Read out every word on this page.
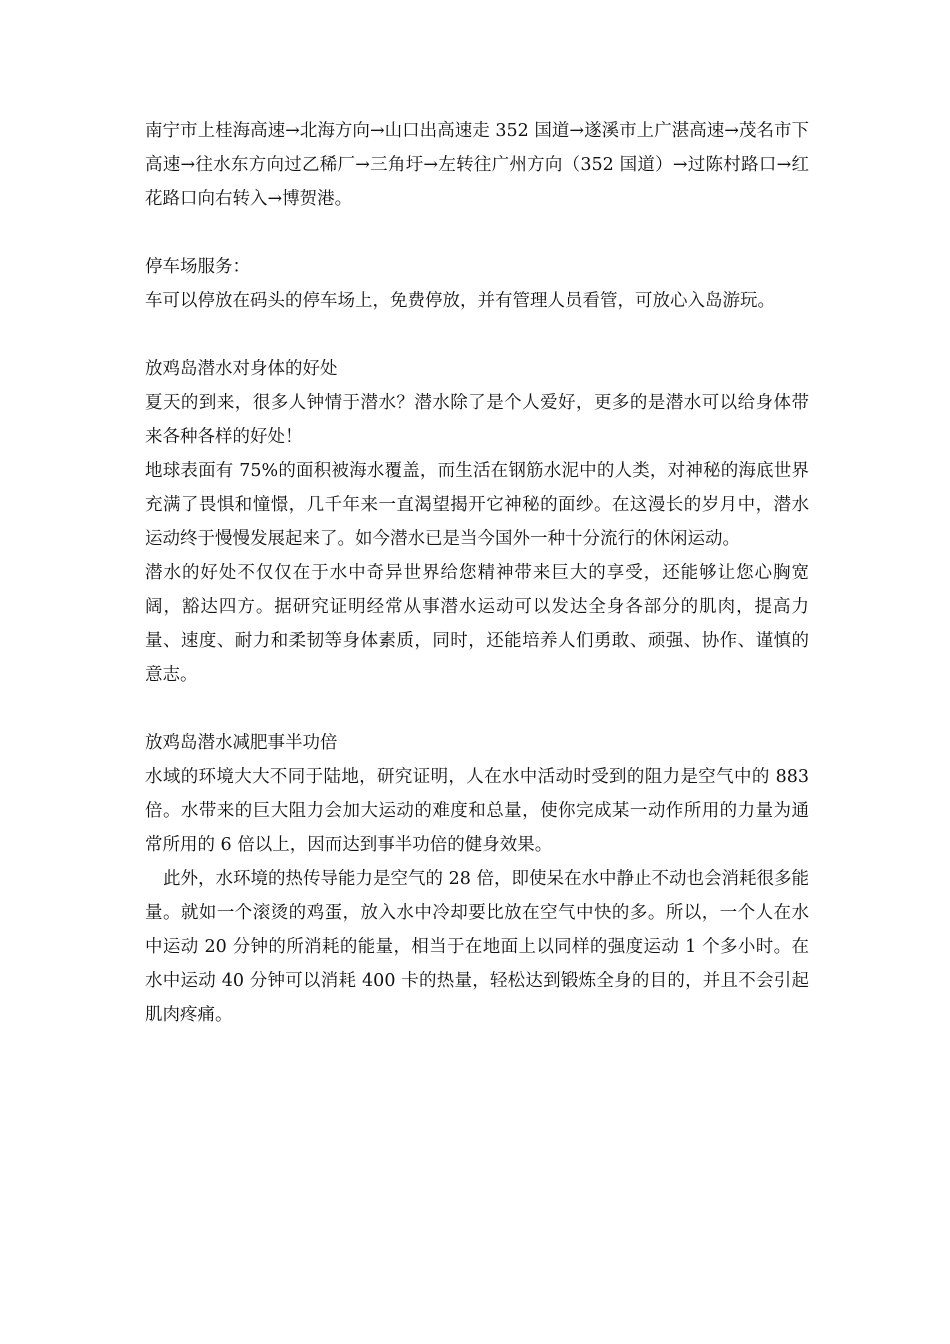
南宁市上桂海高速→北海方向→山口出高速走 352 国道→遂溪市上广湛高速→茂名市下高速→往水东方向过乙稀厂→三角圩→左转往广州方向（352 国道）→过陈村路口→红花路口向右转入→博贺港。

停车场服务：

车可以停放在码头的停车场上，免费停放，并有管理人员看管，可放心入岛游玩。

放鸡岛潜水对身体的好处

夏天的到来，很多人钟情于潜水？潜水除了是个人爱好，更多的是潜水可以给身体带来各种各样的好处！

地球表面有 75%的面积被海水覆盖，而生活在钢筋水泥中的人类，对神秘的海底世界充满了畏惧和憧憬，几千年来一直渴望揭开它神秘的面纱。在这漫长的岁月中，潜水运动终于慢慢发展起来了。如今潜水已是当今国外一种十分流行的休闲运动。

潜水的好处不仅仅在于水中奇异世界给您精神带来巨大的享受，还能够让您心胸宽阔，豁达四方。据研究证明经常从事潜水运动可以发达全身各部分的肌肉，提高力量、速度、耐力和柔韧等身体素质，同时，还能培养人们勇敢、顽强、协作、谨慎的意志。

放鸡岛潜水减肥事半功倍

水域的环境大大不同于陆地，研究证明，人在水中活动时受到的阻力是空气中的 883 倍。水带来的巨大阻力会加大运动的难度和总量，使你完成某一动作所用的力量为通常所用的 6 倍以上，因而达到事半功倍的健身效果。

此外，水环境的热传导能力是空气的 28 倍，即使呆在水中静止不动也会消耗很多能量。就如一个滚烫的鸡蛋，放入水中冷却要比放在空气中快的多。所以，一个人在水中运动 20 分钟的所消耗的能量，相当于在地面上以同样的强度运动 1 个多小时。在水中运动 40 分钟可以消耗 400 卡的热量，轻松达到锻炼全身的目的，并且不会引起肌肉疼痛。
